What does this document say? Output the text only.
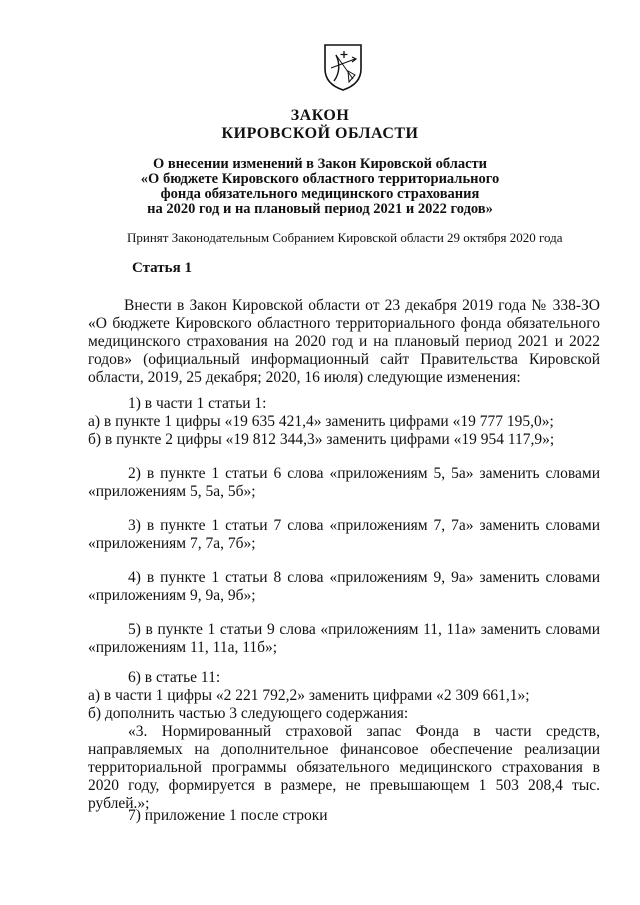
ЗАКОН
КИРОВСКОЙ ОБЛАСТИ
О внесении изменений в Закон Кировской области
«О бюджете Кировского областного территориального
фонда обязательного медицинского страхования
на 2020 год и на плановый период 2021 и 2022 годов»
Принят Законодательным Собранием Кировской области 29 октября 2020 года
Статья 1
Внести в Закон Кировской области от 23 декабря 2019 года № 338-ЗО «О бюджете Кировского областного территориального фонда обязательного медицинского страхования на 2020 год и на плановый период 2021 и 2022 годов» (официальный информационный сайт Правительства Кировской области, 2019, 25 декабря; 2020, 16 июля) следующие изменения:
1) в части 1 статьи 1:
а) в пункте 1 цифры «19 635 421,4» заменить цифрами «19 777 195,0»;
б) в пункте 2 цифры «19 812 344,3» заменить цифрами «19 954 117,9»;
2) в пункте 1 статьи 6 слова «приложениям 5, 5а» заменить словами «приложениям 5, 5а, 5б»;
3) в пункте 1 статьи 7 слова «приложениям 7, 7а» заменить словами «приложениям 7, 7а, 7б»;
4) в пункте 1 статьи 8 слова «приложениям 9, 9а» заменить словами «приложениям 9, 9а, 9б»;
5) в пункте 1 статьи 9 слова «приложениям 11, 11а» заменить словами «приложениям 11, 11а, 11б»;
6) в статье 11:
а) в части 1 цифры «2 221 792,2» заменить цифрами «2 309 661,1»;
б) дополнить частью 3 следующего содержания:
«3. Нормированный страховой запас Фонда в части средств, направляемых на дополнительное финансовое обеспечение реализации территориальной программы обязательного медицинского страхования в 2020 году, формируется в размере, не превышающем 1 503 208,4 тыс. рублей.»;
7) приложение 1 после строки
